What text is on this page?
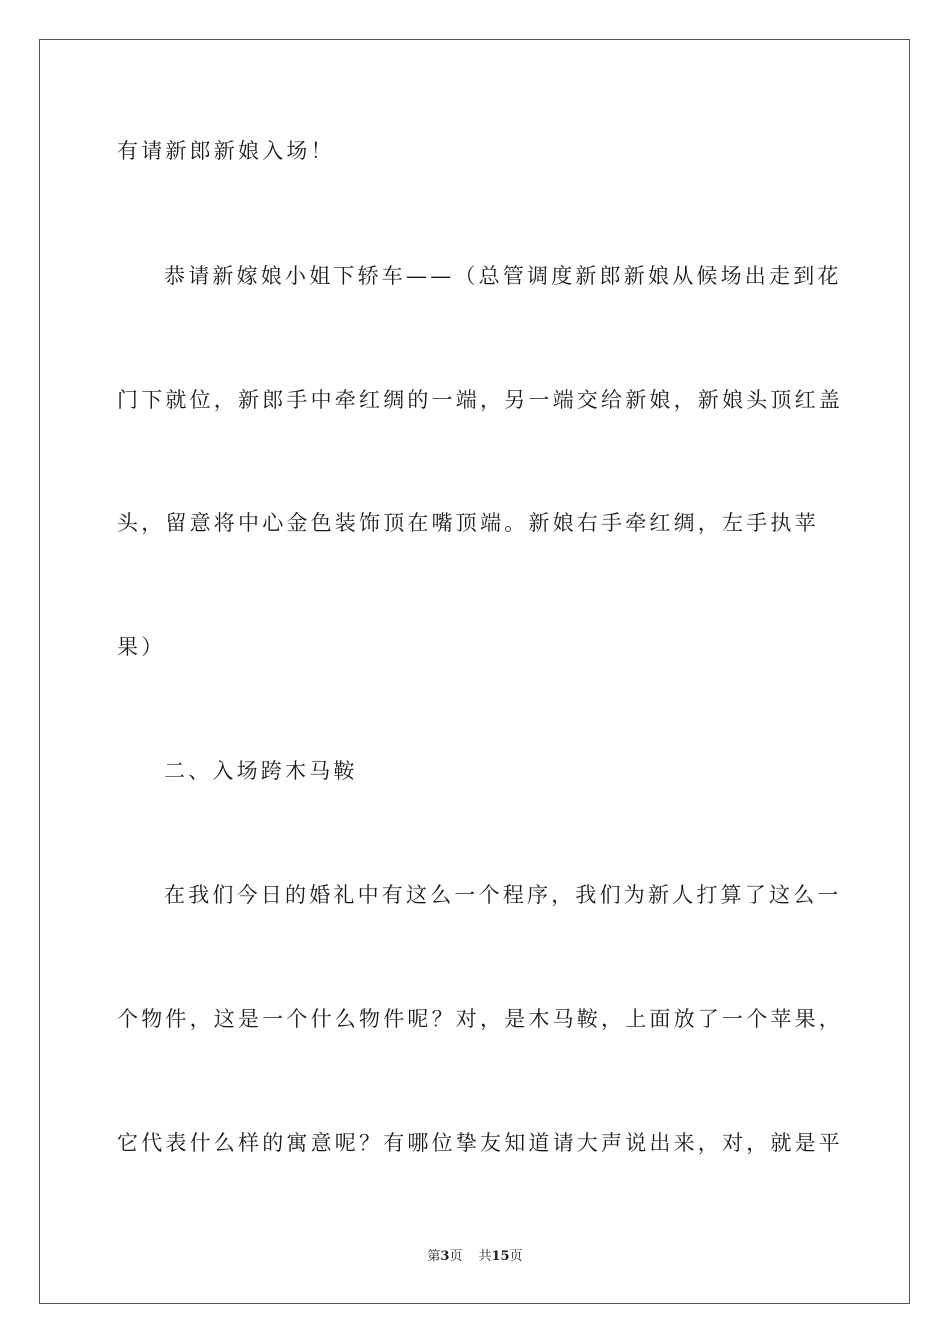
有请新郎新娘入场！
恭请新嫁娘小姐下轿车——（总管调度新郎新娘从候场出走到花
门下就位，新郎手中牵红绸的一端，另一端交给新娘，新娘头顶红盖
头，留意将中心金色装饰顶在嘴顶端。新娘右手牵红绸，左手执苹
果）
二、入场跨木马鞍
在我们今日的婚礼中有这么一个程序，我们为新人打算了这么一
个物件，这是一个什么物件呢？对，是木马鞍，上面放了一个苹果，
它代表什么样的寓意呢？有哪位挚友知道请大声说出来，对，就是平
第3页 共15页
